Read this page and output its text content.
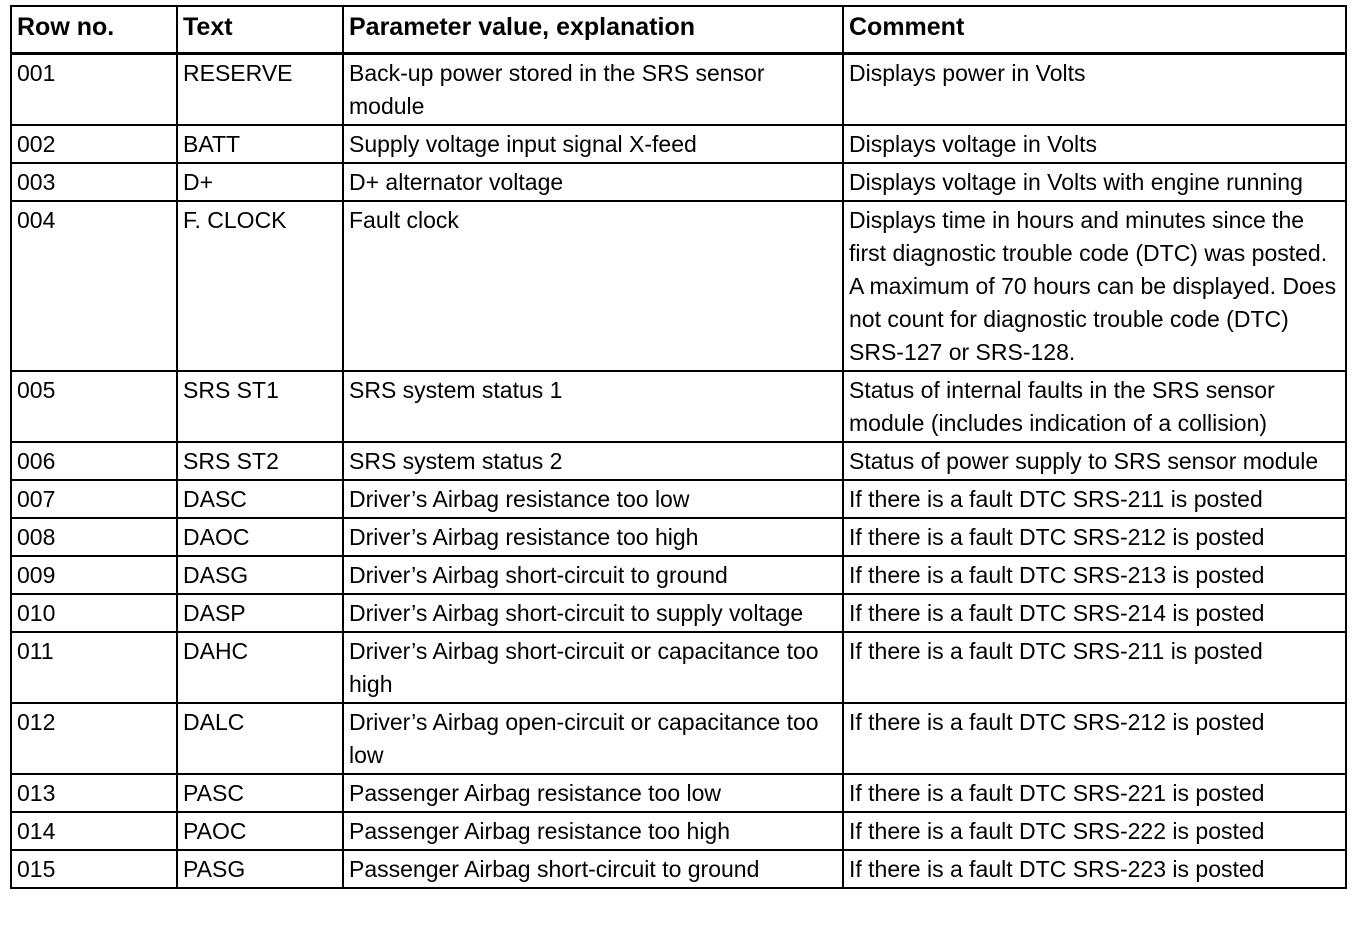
Row no.	Text	Parameter value, explanation	Comment
001	RESERVE	Back-up power stored in the SRS sensor module	Displays power in Volts
002	BATT	Supply voltage input signal X-feed	Displays voltage in Volts
003	D+	D+ alternator voltage	Displays voltage in Volts with engine running
004	F. CLOCK	Fault clock	Displays time in hours and minutes since the first diagnostic trouble code (DTC) was posted. A maximum of 70 hours can be displayed. Does not count for diagnostic trouble code (DTC) SRS-127 or SRS-128.
005	SRS ST1	SRS system status 1	Status of internal faults in the SRS sensor module (includes indication of a collision)
006	SRS ST2	SRS system status 2	Status of power supply to SRS sensor module
007	DASC	Driver’s Airbag resistance too low	If there is a fault DTC SRS-211 is posted
008	DAOC	Driver’s Airbag resistance too high	If there is a fault DTC SRS-212 is posted
009	DASG	Driver’s Airbag short-circuit to ground	If there is a fault DTC SRS-213 is posted
010	DASP	Driver’s Airbag short-circuit to supply voltage	If there is a fault DTC SRS-214 is posted
011	DAHC	Driver’s Airbag short-circuit or capacitance too high	If there is a fault DTC SRS-211 is posted
012	DALC	Driver’s Airbag open-circuit or capacitance too low	If there is a fault DTC SRS-212 is posted
013	PASC	Passenger Airbag resistance too low	If there is a fault DTC SRS-221 is posted
014	PAOC	Passenger Airbag resistance too high	If there is a fault DTC SRS-222 is posted
015	PASG	Passenger Airbag short-circuit to ground	If there is a fault DTC SRS-223 is posted
